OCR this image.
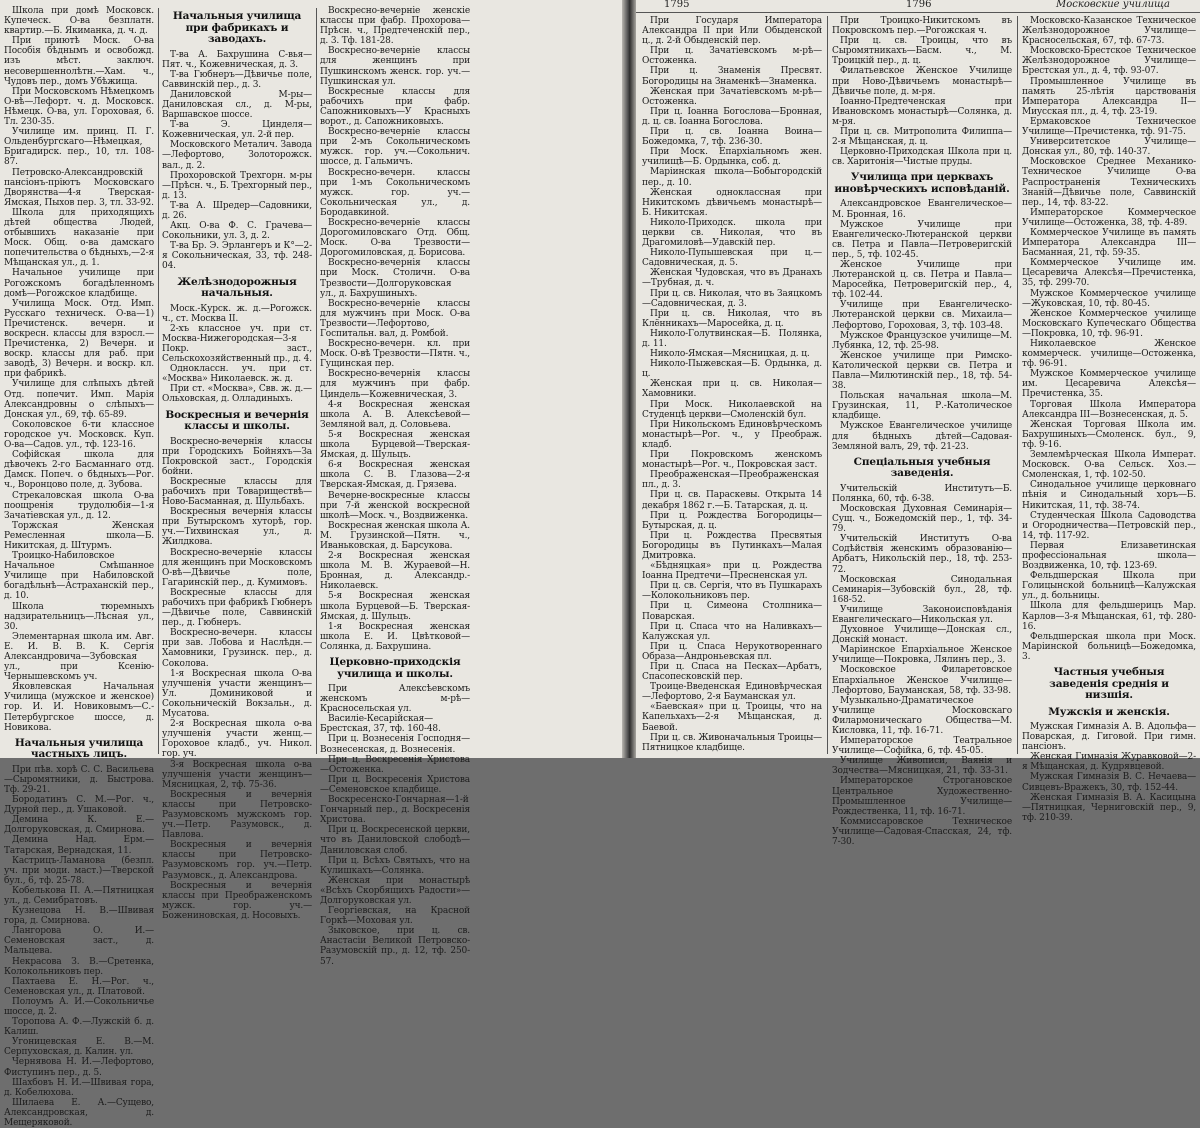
Школа при домѣ Московск. Купеческ. О-ва безплатн. квартир.—Б. Якиманка, д. ч. д.

При приютѣ Моск. О-ва Пособія бѣднымъ и освобожд. изъ мѣст. заключ. несовершеннолѣтн.—Хам. ч., Чудовъ пер., домъ Убѣжища.

При Московскомъ Нѣмецкомъ О-вѣ—Лефорт. ч. д. Московск. Нѣмецк. О-ва, ул. Гороховая, 6. Тл. 230-35.

Училище им. принц. П. Г. Ольденбургскаго—Нѣмецкая, Бригадирск. пер., 10, тл. 108-87.

Петровско-Александровскій пансіонъ-пріютъ Московскаго Дворянства—4-я Тверская-Ямская, Пыхов пер. 3, тл. 33-92.

Школа для приходящихъ дѣтей общества Людей, отбывшихъ наказаніе при Моск. Общ. о-ва дамскаго попечительства о бѣдныхъ,—2-я Мѣщанская ул., д. 1.

Начальное училище при Рогожскомъ богадѣленномъ домѣ—Рогожское кладбище.

Училища Моск. Отд. Имп. Русскаго техническ. О-ва—1) Пречистенск. вечерн. и воскресн. классы для взросл.—Пречистенка, 2) Вечерн. и воскр. классы для раб. при заводѣ, 3) Вечерн. и воскр. кл. при фабрикѣ.

Училище для слѣпыхъ дѣтей Отд. попечит. Имп. Марія Александровны о слѣпыхъ—Донская ул., 69, тф. 65-89.

Соколовское 6-ти классное городское уч. Московск. Куп. О-ва—Садов. ул., тф. 123-16.

Софійская школа для дѣвочекъ 2-го Басманнаго отд. Дамск. Попеч. о бѣдныхъ—Рог. ч., Воронцово поле, д. Зубова.

Стрекаловская школа О-ва поощренія трудолюбія—1-я Зачатіевская ул., д. 12.

Торжская Женская Ремесленная школа—Б. Никитская, д. Штурмъ.

Троицко-Набиловское Начальное Смѣшанное Училище при Набиловской богадѣльнѣ—Астраханскій пер., д. 10.

Школа тюремныхъ надзирательницъ—Лѣсная ул., 30.

Элементарная школа им. Авг. Е. И. В. В. К. Сергія Александровича—Зубовская ул., при Ксенію-Чернышевскомъ уч.

Яковлевская Начальная Училища (мужское и женское) гор. И. И. Новиковымъ—С.-Петербургское шоссе, д. Новикова.

Начальныя училища частныхъ лицъ.

При пѣв. хорѣ С. С. Васильева—Сыромятники, д. Быстрова. Тф. 29-21.

Бородатинъ С. М.—Рог. ч., Дурной пер., д. Ушаковой.

Демина К. Е.—Долгоруковская, д. Смирнова.

Демина Над. Ерм.—Татарская, Вернадская, 11.

Кастрицъ-Ламанова (безпл. уч. при моди. маст.)—Тверской бул., 6, тф. 25-78.

Кобелькова П. А.—Пятницкая ул., д. Семибратовъ.

Кузнецова Н. В.—Швивая гора, д. Смирнова.

Лангорова О. И.—Семеновская заст., д. Мальцева.

Некрасова З. В.—Сретенка, Колокольниковъ пер.

Пахтаева Е. Н.—Рог. ч., Семеновская ул., д. Платовой.

Полоумъ А. И.—Сокольничье шоссе, д. 2.

Торопова А. Ф.—Лужскій б. д. Калиш.

Угоницевская Е. В.—М. Серпуховская, д. Калин. ул.

Чернявова Н. И.—Лефортово, Фиступинъ пер., д. 5.

Шахбовъ Н. И.—Швивая гора, д. Кобелюхова.

Шилаева Е. А.—Сущево, Александровская, д. Мещеряковой.

Начальныя училища при фабрикахъ и заводахъ.

Т-ва А. Бахрушина С-вья—Пят. ч., Кожевническая, д. 3.

Т-ва Гюбнеръ—Дѣвичье поле, Саввинскій пер., д. 3.

Даниловской М-ры—Даниловская сл., д. М-ры, Варшавское шоссе.

Т-ва Э. Цинделя—Кожевническая, ул. 2-й пер.

Московского Металич. Завода—Лефортово, Золоторожск. вал., д. 2.

Прохоровской Трехгорн. м-ры—Прѣсн. ч., Б. Трехгорный пер., д. 13.

Т-ва А. Шредер—Садовники, д. 26.

Акц. О-ва Ф. С. Грачева—Сокольники, ул. 3, д. 2.

Т-ва Бр. Э. Эрлангеръ и К°—2-я Сокольническая, 33, тф. 248-04.

Желѣзнодорожныя начальныя.

Моск.-Курск. ж. д.—Рогожск. ч., ст. Москва II.

2-хъ классное уч. при ст. Москва-Нижегородская—3-я Покр. заст., Сельскохозяйственный пр., д. 4.

Одноклассн. уч. при ст. «Москва» Николаевск. ж. д.

При ст. «Москва», Свв. ж. д.—Ольховская, д. Олладиныхъ.

Воскресныя и вечернія классы и школы.

Воскресно-вечернія классы при Городскихъ Бойняхъ—За Покровской заст., Городскія бойни.

Воскресные классы для рабочихъ при Товариществѣ—Ново-Басманная, д. Шульбахъ.

Воскресныя вечернія классы при Бутырскомъ хуторѣ, гор. уч.—Тихвинская ул., д. Жилдкова.

Воскресно-вечерніе классы для женщинъ при Московскомъ О-вѣ—Дѣвичье поле, Гагаринскій пер., д. Кумимовъ.

Воскресные классы для рабочихъ при фабрикѣ Гюбнеръ—Дѣвичье поле, Саввинскій пер., д. Гюбнеръ.

Воскресно-вечерн. классы при зав. Лобова и Наслѣдн.—Хамовники, Грузинск. пер., д. Соколова.

1-я Воскресная школа О-ва улучшенія участи женщинъ—Ул. Доминиковой и Сокольническій Вокзальн., д. Мусатова.

2-я Воскресная школа о-ва улучшенія участи женщ.—Гороховое кладб., уч. Никол. гор. уч.

3-я Воскресная школа о-ва улучшенія участи женщинъ—Мясницкая, 2, тф. 75-36.

Воскресныя и вечернія классы при Петровско-Разумовскомъ мужскомъ гор. уч.—Петр. Разумовск., д. Павлова.

Воскресныя и вечернія классы при Петровско-Разумовскомъ гор. уч.—Петр. Разумовск., д. Александрова.

Воскресныя и вечернія классы при Преображенскомъ мужск. гор. уч.—Божениновская, д. Носовыхъ.

Воскресно-вечерніе женскіе классы при фабр. Прохорова—Прѣсн. ч., Предтеченскій пер., д. 3. Тф. 181-28.

Воскресно-вечерніе классы для женщинъ при Пушкинскомъ женск. гор. уч.—Пушкинская ул.

Воскресные классы для рабочихъ при фабр. Сапожниковыхъ—У Красныхъ ворот., д. Сапожниковыхъ.

Воскресно-вечерніе классы при 2-мъ Сокольническомъ мужск. гор. уч.—Сокольнич. шоссе, д. Гальмичъ.

Воскресно-вечерн. классы при 1-мъ Сокольническомъ мужск. гор. уч.—Сокольническая ул., д. Бородавкиной.

Воскресно-вечерніе классы Дорогомиловскаго Отд. Общ. Моск. О-ва Трезвости—Дорогомиловская, д. Борисова.

Воскресно-вечернія классы при Моск. Столичн. О-ва Трезвости—Долгоруковская ул., д. Бахрушиныхъ.

Воскресно-вечерніе классы для мужчинъ при Моск. О-ва Трезвости—Лефортово, Госпитальн. вал, д. Ромбой.

Воскресно-вечерн. кл. при Моск. О-вѣ Трезвости—Пятн. ч., Гущинская пер.

Воскресно-вечернія классы для мужчинъ при фабр. Циндель—Кожевническая, 3.

4-я Воскресная женская школа А. В. Алексѣевой—Земляной вал, д. Соловьева.

5-я Воскресная женская школа Бурцевой—Тверская-Ямская, д. Шульцъ.

6-я Воскресная женская школа С. В. Глазова—2-я Тверская-Ямская, д. Грязева.

Вечерне-воскресные классы при 7-й женской воскресной школѣ—Моск. ч., Воздвиженка.

Воскресная женская школа А. М. Грузинской—Пятн. ч., Иваньковская, д. Барсукова.

2-я Воскресная женская школа М. В. Жураевой—Н. Бронная, д. Александр.-Николаевск.

5-я Воскресная женская школа Бурцевой—Б. Тверская-Ямская, д. Шульцъ.

1-я Воскресная женская школа Е. И. Цвѣтковой—Солянка, д. Бахрушина.

Церковно-приходскія училища и школы.

При Алексѣевскомъ женскомъ м-рѣ—Красносельская ул.

Василіе-Кесарійская—Брестская, 37, тф. 160-48.

При ц. Вознесенія Господня—Вознесенская, д. Вознесенія.

При ц. Воскресенія Христова—Остоженка.

При ц. Воскресенія Христова—Семеновское кладбище.

Воскресенско-Гончарная—1-й Гончарный пер., д. Воскресенія Христова.

При ц. Воскресенской церкви, что въ Даниловской слободѣ—Даниловская слоб.

При ц. Всѣхъ Святыхъ, что на Кулишкахъ—Солянка.

Женская при монастырѣ «Всѣхъ Скорбящихъ Радости»—Долгоруковская ул.

Георгіевская, на Красной Горкѣ—Моховая ул.

Зыковское, при ц. св. Анастасіи Великой Петровско-Разумовскій пр., д. 12, тф. 250-57.

1795	1796	Московские училища

При Государя Императора Александра II при Или Обыденской ц., д. 2-й Обыденскій пер.

При ц. Зачатіевскомъ м-рѣ—Остоженка.

При ц. Знаменія Пресвят. Богородицы на Знаменкѣ—Знаменка.

Женская при Зачатіевскомъ м-рѣ—Остоженка.

При ц. Іоанна Богослова—Бронная, д. ц. св. Іоанна Богослова.

При ц. св. Іоанна Воина—Божедомка, 7, тф. 236-30.

При Моск. Епархіальномъ жен. училищѣ—Б. Ордынка, соб. д.

Маріинская школа—Бобыгородскій пер., д. 10.

Женская одноклассная при Никитскомъ дѣвичьемъ монастырѣ—Б. Никитская.

Николо-Приходск. школа при церкви св. Николая, что въ Драгомиловѣ—Удавскій пер.

Николо-Пупышевская при ц.—Садовническая, д. 5.

Женская Чудовская, что въ Дранахъ—Трубная, д. ч.

При ц. св. Николая, что въ Заяцкомъ—Садовническая, д. 3.

При ц. св. Николая, что въ Клённикахъ—Маросейка, д. ц.

Николо-Голутвинская—Б. Полянка, д. 11.

Николо-Ямская—Мясницкая, д. ц.

Николо-Пыжевская—Б. Ордынка, д. ц.

Женская при ц. св. Николая—Хамовники.

При Моск. Николаевской на Студенцѣ церкви—Смоленскій бул.

При Никольскомъ Единовѣрческомъ монастырѣ—Рог. ч., у Преображ. кладб.

При Покровскомъ женскомъ монастырѣ—Рог. ч., Покровская заст.

Преображенская—Преображенская пл., д. 3.

При ц. св. Параскевы. Открыта 14 декабря 1862 г.—Б. Татарская, д. ц.

При ц. Рождества Богородицы—Бутырская, д. ц.

При ц. Рождества Пресвятыя Богородицы въ Путинкахъ—Малая Дмитровка.

«Бѣдняцкая» при ц. Рождества Іоанна Предтечи—Пресненская ул.

При ц. св. Сергія, что въ Пушкарахъ—Колокольниковъ пер.

При ц. Симеона Столпника—Поварская.

При ц. Спаса что на Наливкахъ—Калужская ул.

При ц. Спаса Нерукотвореннаго Образа—Андроньевская пл.

При ц. Спаса на Песках—Арбатъ, Спасопесковскій пер.

Троице-Введенская Единовѣрческая—Лефортово, 2-я Бауманская ул.

«Баевская» при ц. Троицы, что на Капельхахъ—2-я Мѣщанская, д. Баевой.

При ц. св. Живоначальныя Троицы—Пятницкое кладбище.

При Троицко-Никитскомъ въ Покровскомъ пер.—Рогожская ч.

При ц. св. Троицы, что въ Сыромятникахъ—Басм. ч., М. Троицкій пер., д. ц.

Филатьевское Женское Училище при Ново-Дѣвичьемъ монастырѣ—Дѣвичье поле, д. м-ря.

Іоанно-Предтеченская при Ивановскомъ монастырѣ—Солянка, д. м-ря.

При ц. св. Митрополита Филиппа—2-я Мѣщанская, д. ц.

Церковно-Приходская Школа при ц. св. Харитонія—Чистые пруды.

Училища при церквахъ иновѣрческихъ исповѣданій.

Александровское Евангелическое—М. Бронная, 16.

Мужское Училище при Евангелическо-Лютеранской церкви св. Петра и Павла—Петроверигскій пер., 5, тф. 102-45.

Женское Училище при Лютеранской ц. св. Петра и Павла—Маросейка, Петроверигскій пер., 4, тф. 102-44.

Училище при Евангелическо-Лютеранской церкви св. Михаила—Лефортово, Гороховая, 3, тф. 103-48.

Мужское Французское училище—М. Лубянка, 12, тф. 25-98.

Женское училище при Римско-Католической церкви св. Петра и Павла—Милютинскій пер., 18, тф. 54-38.

Польская начальная школа—М. Грузинская, 11, Р.-Католическое кладбище.

Мужское Евангелическое училище для бѣдныхъ дѣтей—Садовая-Земляной валъ, 29, тф. 21-23.

Спеціальныя учебныя заведенія.

Учительскій Институтъ—Б. Полянка, 60, тф. 6-38.

Московская Духовная Семинарія—Сущ. ч., Божедомскій пер., 1, тф. 34-79.

Учительскій Институтъ О-ва Содѣйствія женскимъ образованію—Арбатъ, Никольскій пер., 18, тф. 253-72.

Московская Синодальная Семинарія—Зубовскій бул., 28, тф. 168-52.

Училище Законоисповѣданія Евангелическаго—Никольская ул.

Духовное Училище—Донская сл., Донскій монаст.

Маріинское Епархіальное Женское Училище—Покровка, Лялинъ пер., 3.

Московское Филаретовское Епархіальное Женское Училище—Лефортово, Бауманская, 58, тф. 33-98.

Музыкально-Драматическое Училище Московскаго Филармоническаго Общества—М. Кисловка, 11, тф. 16-71.

Императорское Театральное Училище—Софійка, 6, тф. 45-05.

Училище Живописи, Ваянія и Зодчества—Мясницкая, 21, тф. 33-31.

Императорское Строгановское Центральное Художественно-Промышленное Училище—Рождественка, 11, тф. 16-71.

Коммиссаровское Техническое Училище—Садовая-Спасская, 24, тф. 7-30.

Московско-Казанское Техническое Желѣзнодорожное Училище—Красносельская, 67, тф. 67-73.

Московско-Брестское Техническое Желѣзнодорожное Училище—Брестская ул., д. 4, тф. 93-07.

Промышленное Училище въ память 25-лѣтія царствованія Императора Александра II—Миусская пл., д. 4, тф. 23-19.

Ермаковское Техническое Училище—Пречистенка, тф. 91-75.

Университетское Училище—Донская ул., 80, тф. 140-37.

Московское Среднее Механико-Техническое Училище О-ва Распространенія Техническихъ Знаній—Дѣвичье поле, Саввинскій пер., 14, тф. 83-22.

Императорское Коммерческое Училище—Остоженка, 38, тф. 4-89.

Коммерческое Училище въ память Императора Александра III—Басманная, 21, тф. 59-35.

Коммерческое Училище им. Цесаревича Алексѣя—Пречистенка, 35, тф. 299-70.

Мужское Коммерческое училище—Жуковская, 10, тф. 80-45.

Женское Коммерческое училище Московскаго Купеческаго Общества—Покровка, 10, тф. 96-91.

Николаевское Женское коммерческ. училище—Остоженка, тф. 96-91.

Мужское Коммерческое училище им. Цесаревича Алексѣя—Пречистенка, 35.

Торговая Школа Императора Александра III—Вознесенская, д. 5.

Женская Торговая Школа им. Бахрушиныхъ—Смоленск. бул., 9, тф. 9-16.

Землемѣрческая Школа Императ. Московск. О-ва Сельск. Хоз.—Смоленская, 1, тф. 102-50.

Синодальное училище церковнаго пѣнія и Синодальный хоръ—Б. Никитская, 11, тф. 38-74.

Студенческая Школа Садоводства и Огородничества—Петровскій пер., 14, тф. 117-92.

Первая Елизаветинская профессіональная школа—Воздвиженка, 10, тф. 123-69.

Фельдшерская Школа при Голицынской больницѣ—Калужская ул., д. больницы.

Школа для фельдшерицъ Мар. Карлов—3-я Мѣщанская, 61, тф. 280-16.

Фельдшерская школа при Моск. Маріинской больницѣ—Божедомка, 3.

Частныя учебныя заведенія среднія и низшія.

Мужскія и женскія.

Мужская Гимназія А. В. Адольфа—Поварская, д. Гиговой. При гимн. пансіонъ.

Женская Гимназія Журавковой—2-я Мѣщанская, д. Кудрявцевой.

Мужская Гимназія В. С. Нечаева—Сивцевъ-Вражекъ, 30, тф. 152-44.

Женская Гимназія В. А. Касицына—Пятницкая, Черниговскій пер., 9, тф. 210-39.
